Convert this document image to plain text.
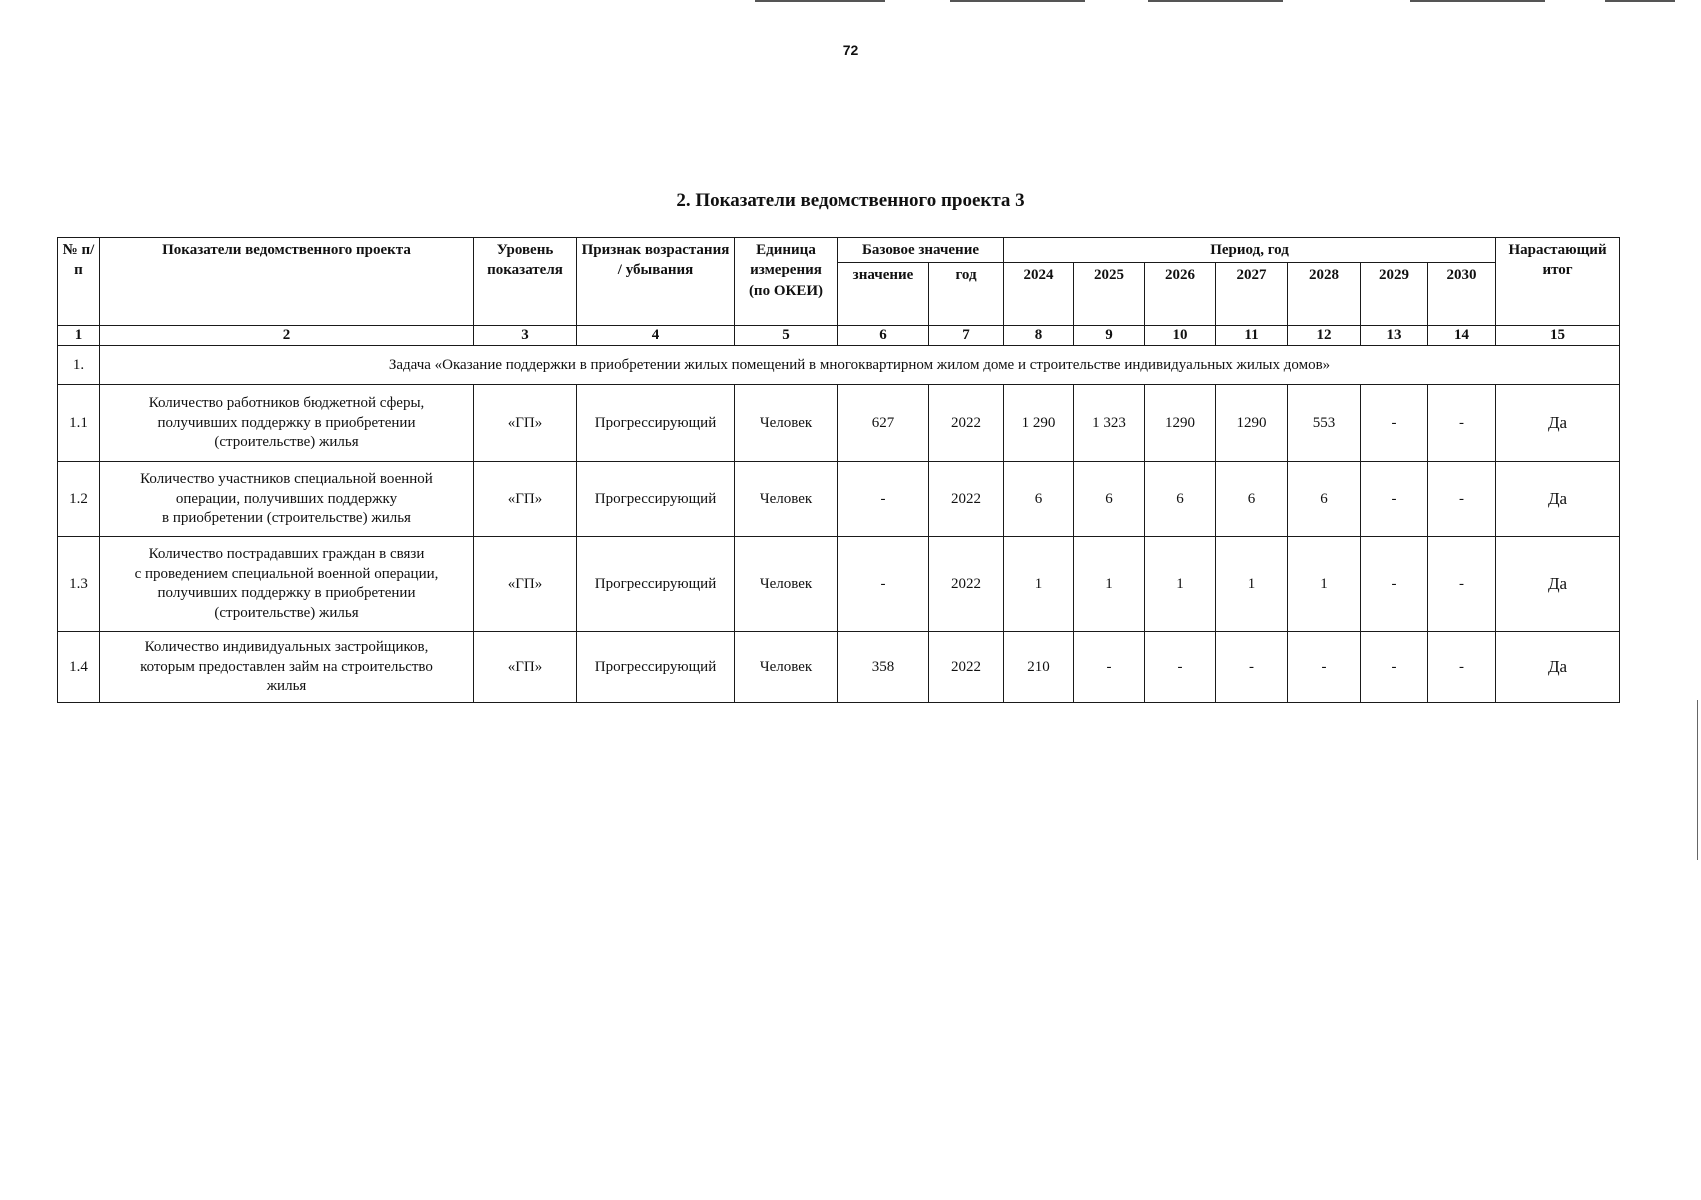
72
2. Показатели ведомственного проекта 3
№ п/п	Показатели ведомственного проекта	Уровень показателя	Признак возрастания / убывания	Единица измерения (по ОКЕИ)	Базовое значение		Период, год							Нарастающий итог
					значение	год	2024	2025	2026	2027	2028	2029	2030	
1	2	3	4	5	6	7	8	9	10	11	12	13	14	15
1.	Задача «Оказание поддержки в приобретении жилых помещений в многоквартирном жилом доме и строительстве индивидуальных жилых домов»													
1.1	Количество работников бюджетной сферы,
получивших поддержку в приобретении
(строительстве) жилья	«ГП»	Прогрессирующий	Человек	627	2022	1 290	1 323	1290	1290	553	-	-	Да
1.2	Количество участников специальной военной
операции, получивших поддержку
в приобретении (строительстве) жилья	«ГП»	Прогрессирующий	Человек	-	2022	6	6	6	6	6	-	-	Да
1.3	Количество пострадавших граждан в связи
с проведением специальной военной операции,
получивших поддержку в приобретении
(строительстве) жилья	«ГП»	Прогрессирующий	Человек	-	2022	1	1	1	1	1	-	-	Да
1.4	Количество индивидуальных застройщиков,
которым предоставлен займ на строительство
жилья	«ГП»	Прогрессирующий	Человек	358	2022	210	-	-	-	-	-	-	Да
